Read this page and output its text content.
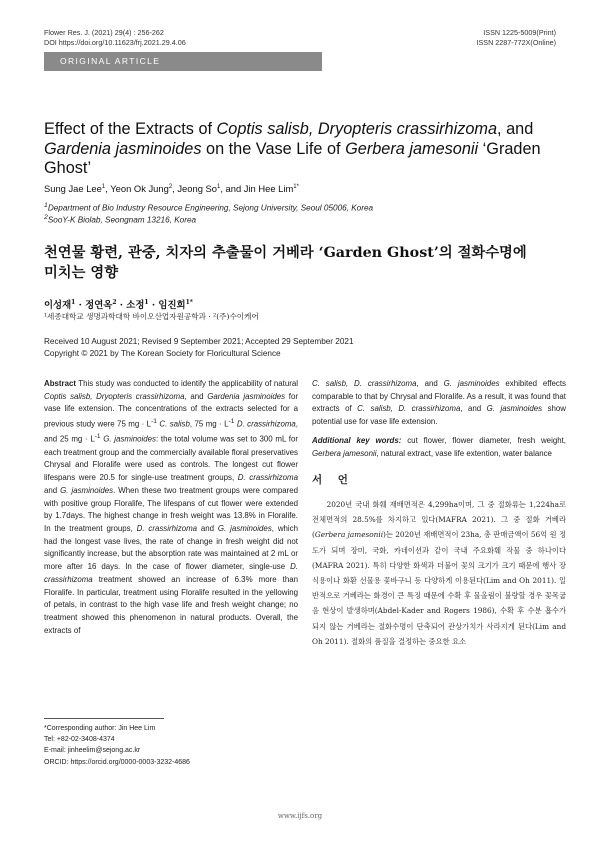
Flower Res. J. (2021) 29(4) : 256-262
DOI https://doi.org/10.11623/frj.2021.29.4.06
ISSN 1225-5009(Print)
ISSN 2287-772X(Online)
ORIGINAL ARTICLE
Effect of the Extracts of Coptis salisb, Dryopteris crassirhizoma, and Gardenia jasminoides on the Vase Life of Gerbera jamesonii ‘Graden Ghost’
Sung Jae Lee$^1$, Yeon Ok Jung$^2$, Jeong So$^1$, and Jin Hee Lim$^{1*}$
$^1$Department of Bio Industry Resource Engineering, Sejong University, Seoul 05006, Korea
$^2$SooY-K Biolab, Seongnam 13216, Korea
천연물 황련, 관중, 치자의 추출물이 거베라 ‘Garden Ghost’의 절화수명에
미치는 영향
이성재$^1$ · 정연옥$^2$ · 소정$^1$ · 임진희$^{1*}$
¹세종대학교 생명과학대학 바이오산업자원공학과 · ²(주)수이케어
Received 10 August 2021; Revised 9 September 2021; Accepted 29 September 2021
Copyright © 2021 by The Korean Society for Floricultural Science

Abstract This study was conducted to identify the applicability of natural Coptis salisb, Dryopteris crassirhizoma, and Gardenia jasminoides for vase life extension. The concentrations of the extracts selected for a previous study were 75 mg · $L^{-1}$ C. salisb, 75 mg · $L^{-1}$ D. crassirhizoma, and 25 mg · $L^{-1}$ G. jasminoides: the total volume was set to 300 mL for each treatment group and the commercially available floral preservatives Chrysal and Floralife were used as controls. The longest cut flower lifespans were 20.5 for single-use treatment groups, D. crassirhizoma and G. jasminoides. When these two treatment groups were compared with positive group Floralife, The lifespans of cut flower were extended by 1.7days. The highest change in fresh weight was 13.8% in Floralife. In the treatment groups, D. crassirhizoma and G. jasminoides, which had the longest vase lives, the rate of change in fresh weight did not significantly increase, but the absorption rate was maintained at 2 mL or more after 16 days. In the case of flower diameter, single-use D. crassirhizoma treatment showed an increase of 6.3% more than Floralife. In particular, treatment using Floralife resulted in the yellowing of petals, in contrast to the high vase life and fresh weight change; no treatment showed this phenomenon in natural products. Overall, the extracts of

C. salisb, D. crassirhizoma, and G. jasminoides exhibited effects comparable to that by Chrysal and Floralife. As a result, it was found that extracts of C. salisb, D. crassirhizoma, and G. jasminoides show potential use for vase life extension.

Additional key words: cut flower, flower diameter, fresh weight, Gerbera jamesonii, natural extract, vase life extention, water balance

서 언

2020년 국내 화훼 재배면적은 4,299ha이며, 그 중 절화류는 1,224ha로 전체면적의 28.5%를 차지하고 있다(MAFRA 2021). 그 중 절화 거베라(Gerbera jamesonii)는 2020년 재배면적이 23ha, 총 판매금액이 56억 원 정도가 되며 장미, 국화, 카네이션과 같이 국내 주요화훼 작물 중 하나이다(MAFRA 2021). 특히 다양한 화색과 더불어 꽃의 크기가 크기 때문에 행사 장식용이나 화환 선물용 꽃바구니 등 다양하게 이용된다(Lim and Oh 2011). 일반적으로 거베라는 화경이 큰 특징 때문에 수확 후 물올림이 불량할 경우 꽃목굽음 현상이 발생하며(Abdel-Kader and Rogers 1986), 수확 후 수분 흡수가 되지 않는 거베라는 절화수명이 단축되어 관상가치가 사라지게 된다(Lim and Oh 2011). 절화의 품질을 결정하는 중요한 요소

*Corresponding author: Jin Hee Lim
Tel: +82-02-3408-4374
E-mail: jinheelim@sejong.ac.kr
ORCID: https://orcid.org/0000-0003-3232-4686
www.ijfs.org
